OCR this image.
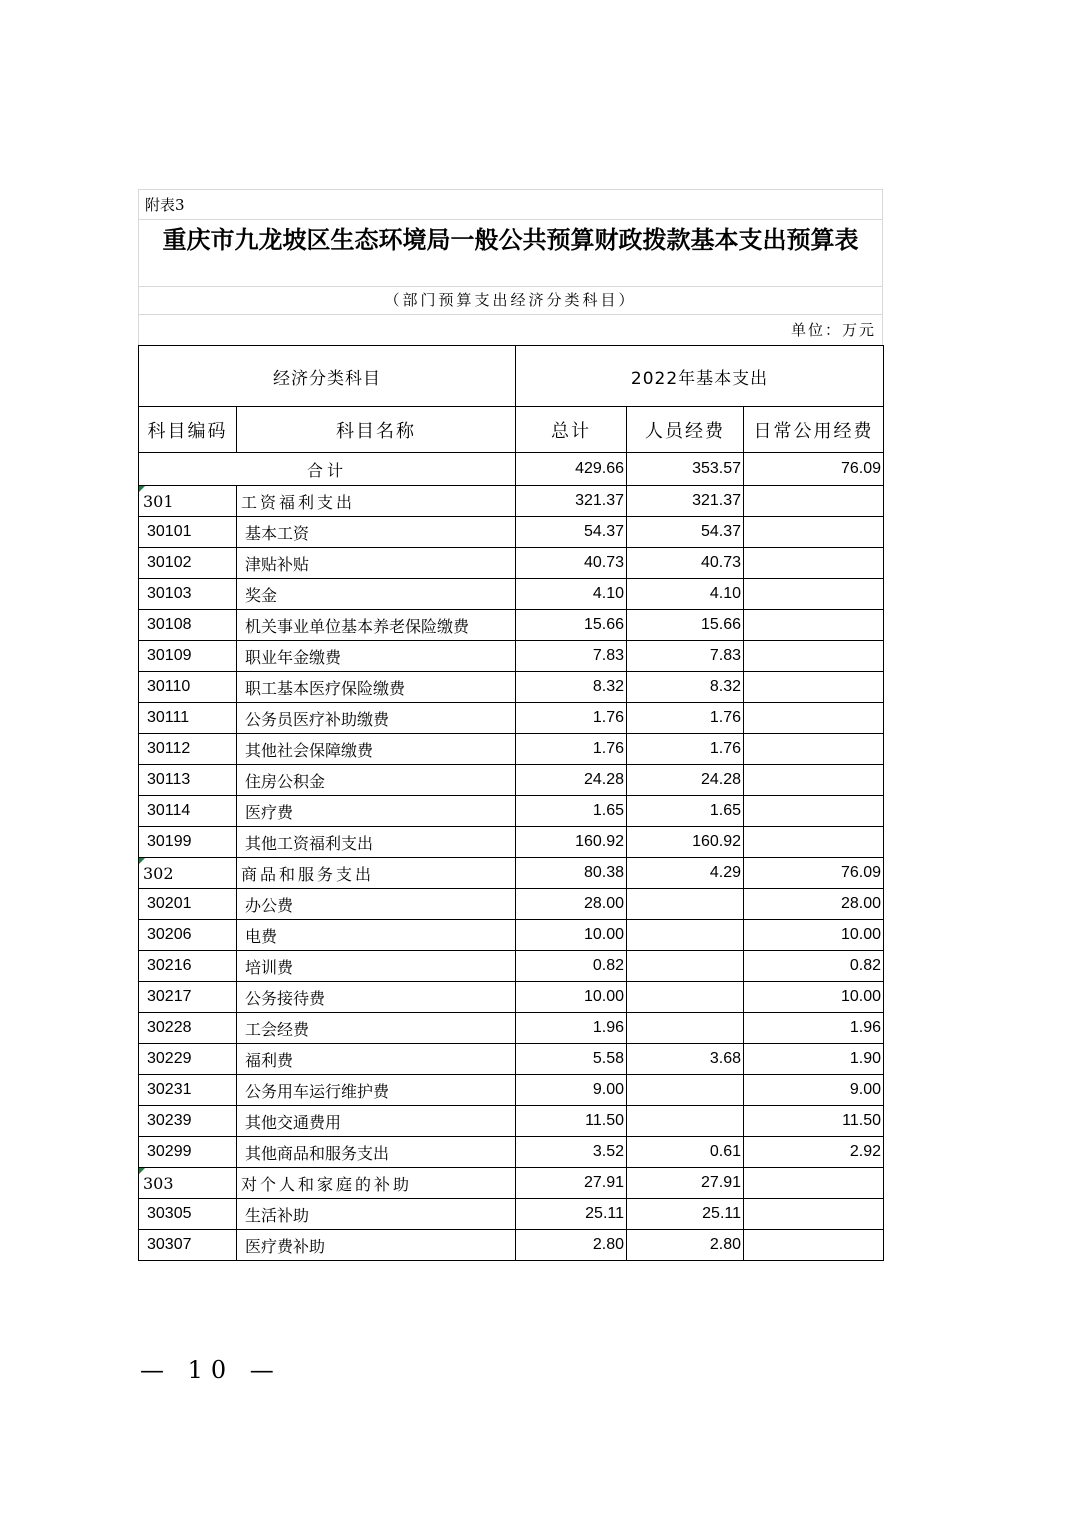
附表3
重庆市九龙坡区生态环境局一般公共预算财政拨款基本支出预算表
（部门预算支出经济分类科目）
单位：万元
经济分类科目		2022年基本支出		
科目编码	科目名称	总计	人员经费	日常公用经费
合计		429.66	353.57	76.09
301	工资福利支出	321.37	321.37	
30101	基本工资	54.37	54.37	
30102	津贴补贴	40.73	40.73	
30103	奖金	4.10	4.10	
30108	机关事业单位基本养老保险缴费	15.66	15.66	
30109	职业年金缴费	7.83	7.83	
30110	职工基本医疗保险缴费	8.32	8.32	
30111	公务员医疗补助缴费	1.76	1.76	
30112	其他社会保障缴费	1.76	1.76	
30113	住房公积金	24.28	24.28	
30114	医疗费	1.65	1.65	
30199	其他工资福利支出	160.92	160.92	
302	商品和服务支出	80.38	4.29	76.09
30201	办公费	28.00		28.00
30206	电费	10.00		10.00
30216	培训费	0.82		0.82
30217	公务接待费	10.00		10.00
30228	工会经费	1.96		1.96
30229	福利费	5.58	3.68	1.90
30231	公务用车运行维护费	9.00		9.00
30239	其他交通费用	11.50		11.50
30299	其他商品和服务支出	3.52	0.61	2.92
303	对个人和家庭的补助	27.91	27.91	
30305	生活补助	25.11	25.11	
30307	医疗费补助	2.80	2.80	
— 10 —
